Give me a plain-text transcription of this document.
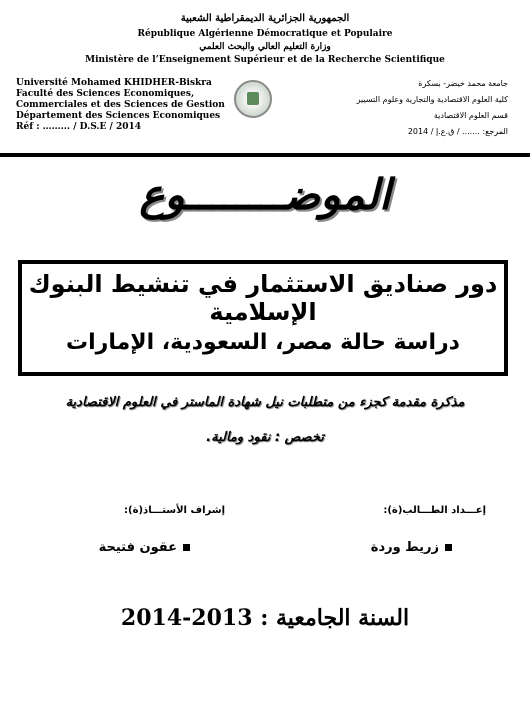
الجمهورية الجزائرية الديمقراطية الشعبية
République Algérienne Démocratique et Populaire
وزارة التعليم العالي والبحث العلمي
Ministère de l’Enseignement Supérieur et de la Recherche Scientifique
Université Mohamed KHIDHER-Biskra
Faculté des Sciences Economiques,
Commerciales et des Sciences de Gestion
Département des Sciences Economiques
Réf : ……... / D.S.E / 2014
جامعة محمد خيضر- بسكرة
كلية العلوم الاقتصادية والتجارية وعلوم التسيير
قسم العلوم الاقتصادية
المرجع: ....... / ق.ع.إ / 2014
الموضــــــــوع
دور صناديق الاستثمار في تنشيط البنوك الإسلامية
دراسة حالة مصر، السعودية، الإمارات
مذكرة مقدمة كجزء من متطلبات نيل شهادة الماستر في العلوم الاقتصادية
تخصص : نقود ومالية.
إعـــداد الطـــالب(ة):
إشراف الأستـــاذ(ة):
زريط وردة
عقون فتيحة
السنة الجامعية : 2013-2014
